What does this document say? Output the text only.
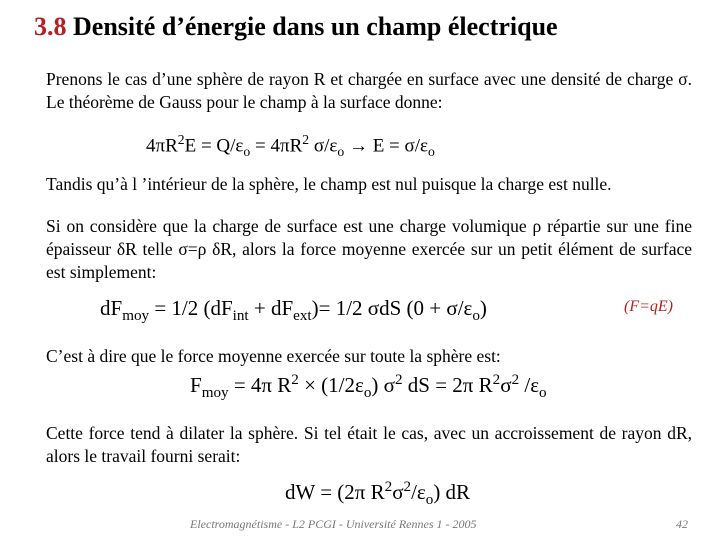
3.8 Densité d’énergie dans un champ électrique

Prenons le cas d’une sphère de rayon R et chargée en surface avec une densité de charge σ. Le théorème de Gauss pour le champ à la surface donne:

$4\pi R^2E = Q/\varepsilon_o = 4\pi R^2$ $\sigma/\varepsilon_o \to E = \sigma/\varepsilon_o$

Tandis qu’à l ’intérieur de la sphère, le champ est nul puisque la charge est nulle.

Si on considère que la charge de surface est une charge volumique ρ répartie sur une fine épaisseur δR telle σ=ρ δR, alors la force moyenne exercée sur un petit élément de surface est simplement:

$dF_{moy} = 1/2$ $(dF_{int} + dF_{ext})= 1/2$ σdS $(0 + \sigma/\varepsilon_o)$	(F=qE)

C’est à dire que le force moyenne exercée sur toute la sphère est:

$F_{moy} = 4\pi$ $R^2 \times (1/2\varepsilon_o)$ $\sigma^2$ dS = 2π $R^2\sigma^2$ $/\varepsilon_o$

Cette force tend à dilater la sphère. Si tel était le cas, avec un accroissement de rayon dR, alors le travail fourni serait:

dW = (2π $R^2\sigma^2/\varepsilon_o$) dR
Electromagnétisme - L2 PCGI - Université Rennes 1 - 2005	42
